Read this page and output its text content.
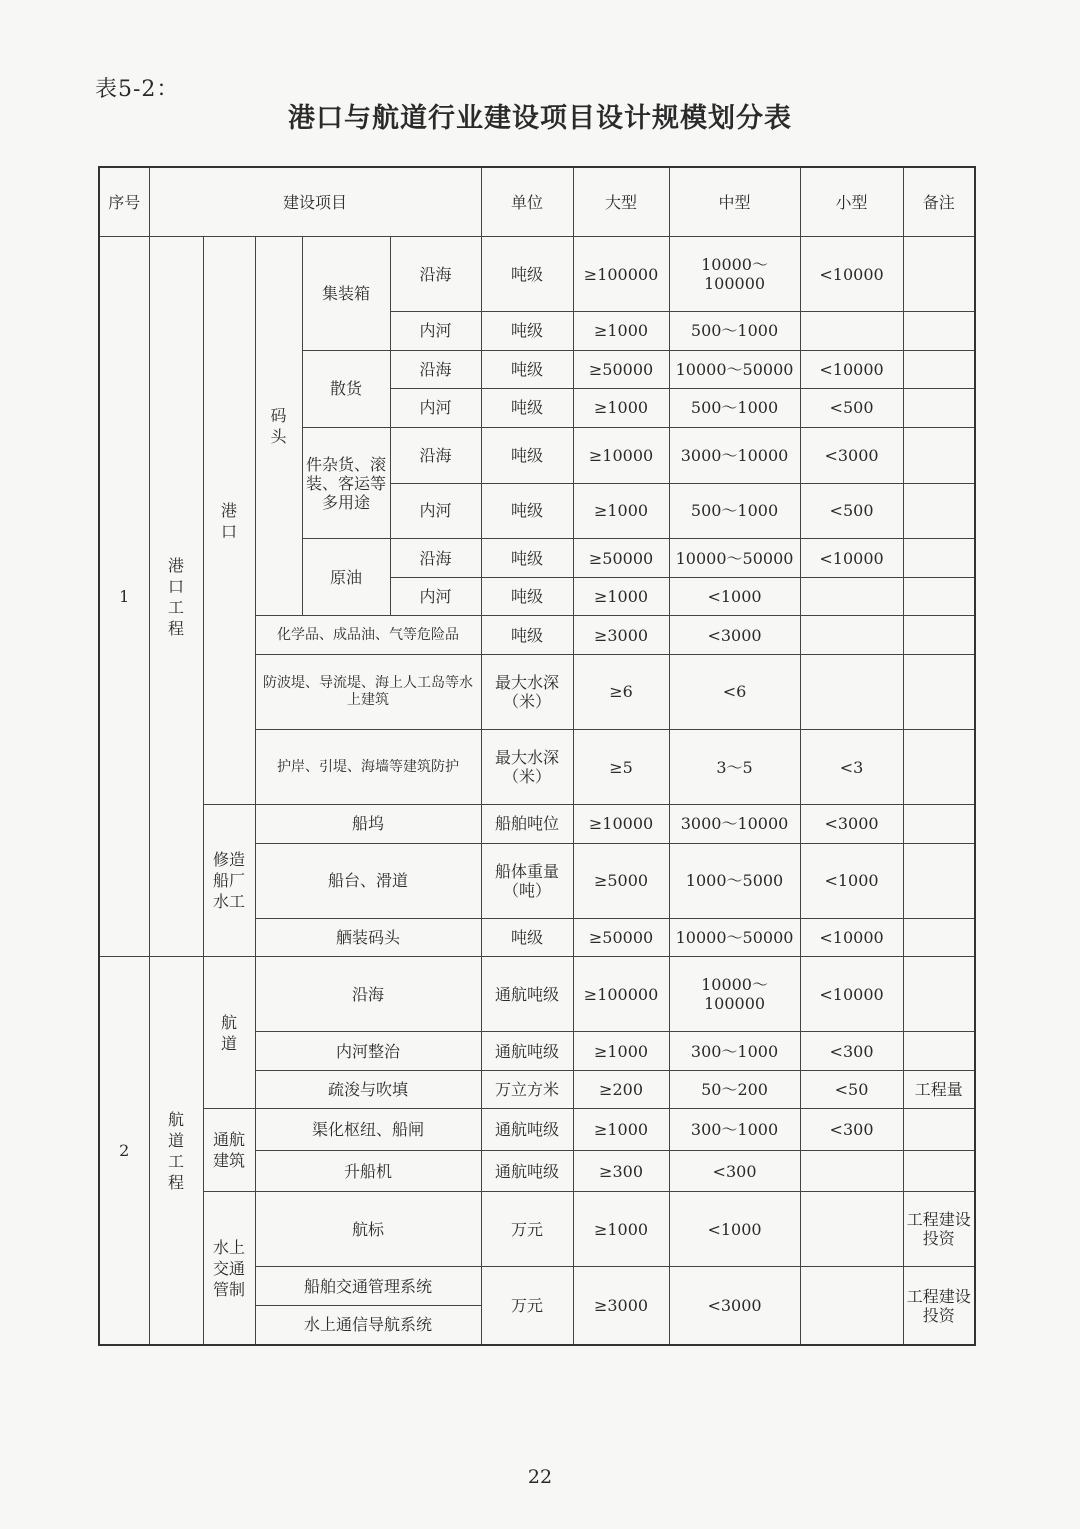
表5-2：
港口与航道行业建设项目设计规模划分表
序号	建设项目					单位	大型	中型	小型	备注
1	港口工程	港口	码头	集装箱	沿海	吨级	≥100000	10000～100000	<10000	
					内河	吨级	≥1000	500～1000		
				散货	沿海	吨级	≥50000	10000～50000	<10000	
					内河	吨级	≥1000	500～1000	<500	
				件杂货、滚装、客运等多用途	沿海	吨级	≥10000	3000～10000	<3000	
					内河	吨级	≥1000	500～1000	<500	
				原油	沿海	吨级	≥50000	10000～50000	<10000	
					内河	吨级	≥1000	<1000		
			化学品、成品油、气等危险品			吨级	≥3000	<3000		
			防波堤、导流堤、海上人工岛等水上建筑			最大水深（米）	≥6	<6		
			护岸、引堤、海墙等建筑防护			最大水深（米）	≥5	3～5	<3	
		修造船厂水工	船坞			船舶吨位	≥10000	3000～10000	<3000	
			船台、滑道			船体重量（吨）	≥5000	1000～5000	<1000	
			舾装码头			吨级	≥50000	10000～50000	<10000	
2	航道工程	航道	沿海			通航吨级	≥100000	10000～100000	<10000	
			内河整治			通航吨级	≥1000	300～1000	<300	
			疏浚与吹填			万立方米	≥200	50～200	<50	工程量
		通航建筑	渠化枢纽、船闸			通航吨级	≥1000	300～1000	<300	
			升船机			通航吨级	≥300	<300		
		水上交通管制	航标			万元	≥1000	<1000		工程建设投资
			船舶交通管理系统			万元	≥3000	<3000		工程建设投资
			水上通信导航系统							
22
